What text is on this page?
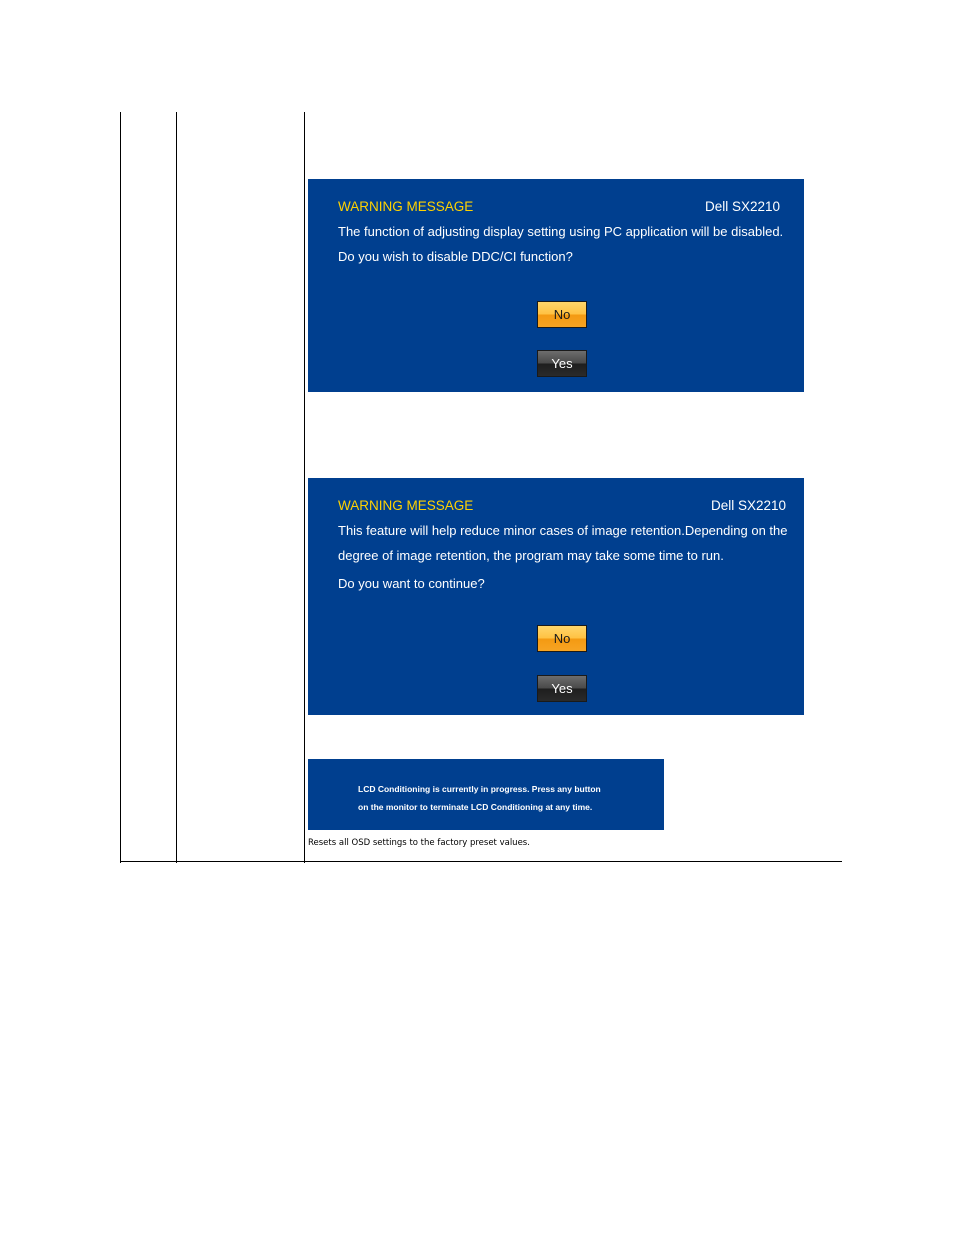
WARNING MESSAGE	Dell SX2210
The function of adjusting display setting using PC application will be disabled.
Do you wish to disable DDC/CI function?
No
Yes
WARNING MESSAGE	Dell SX2210
This feature will help reduce minor cases of image retention.Depending on the
degree of image retention, the program may take some time to run.
Do you want to continue?
No
Yes
LCD Conditioning is currently in progress. Press any button
on the monitor to terminate LCD Conditioning at any time.
Resets all OSD settings to the factory preset values.
